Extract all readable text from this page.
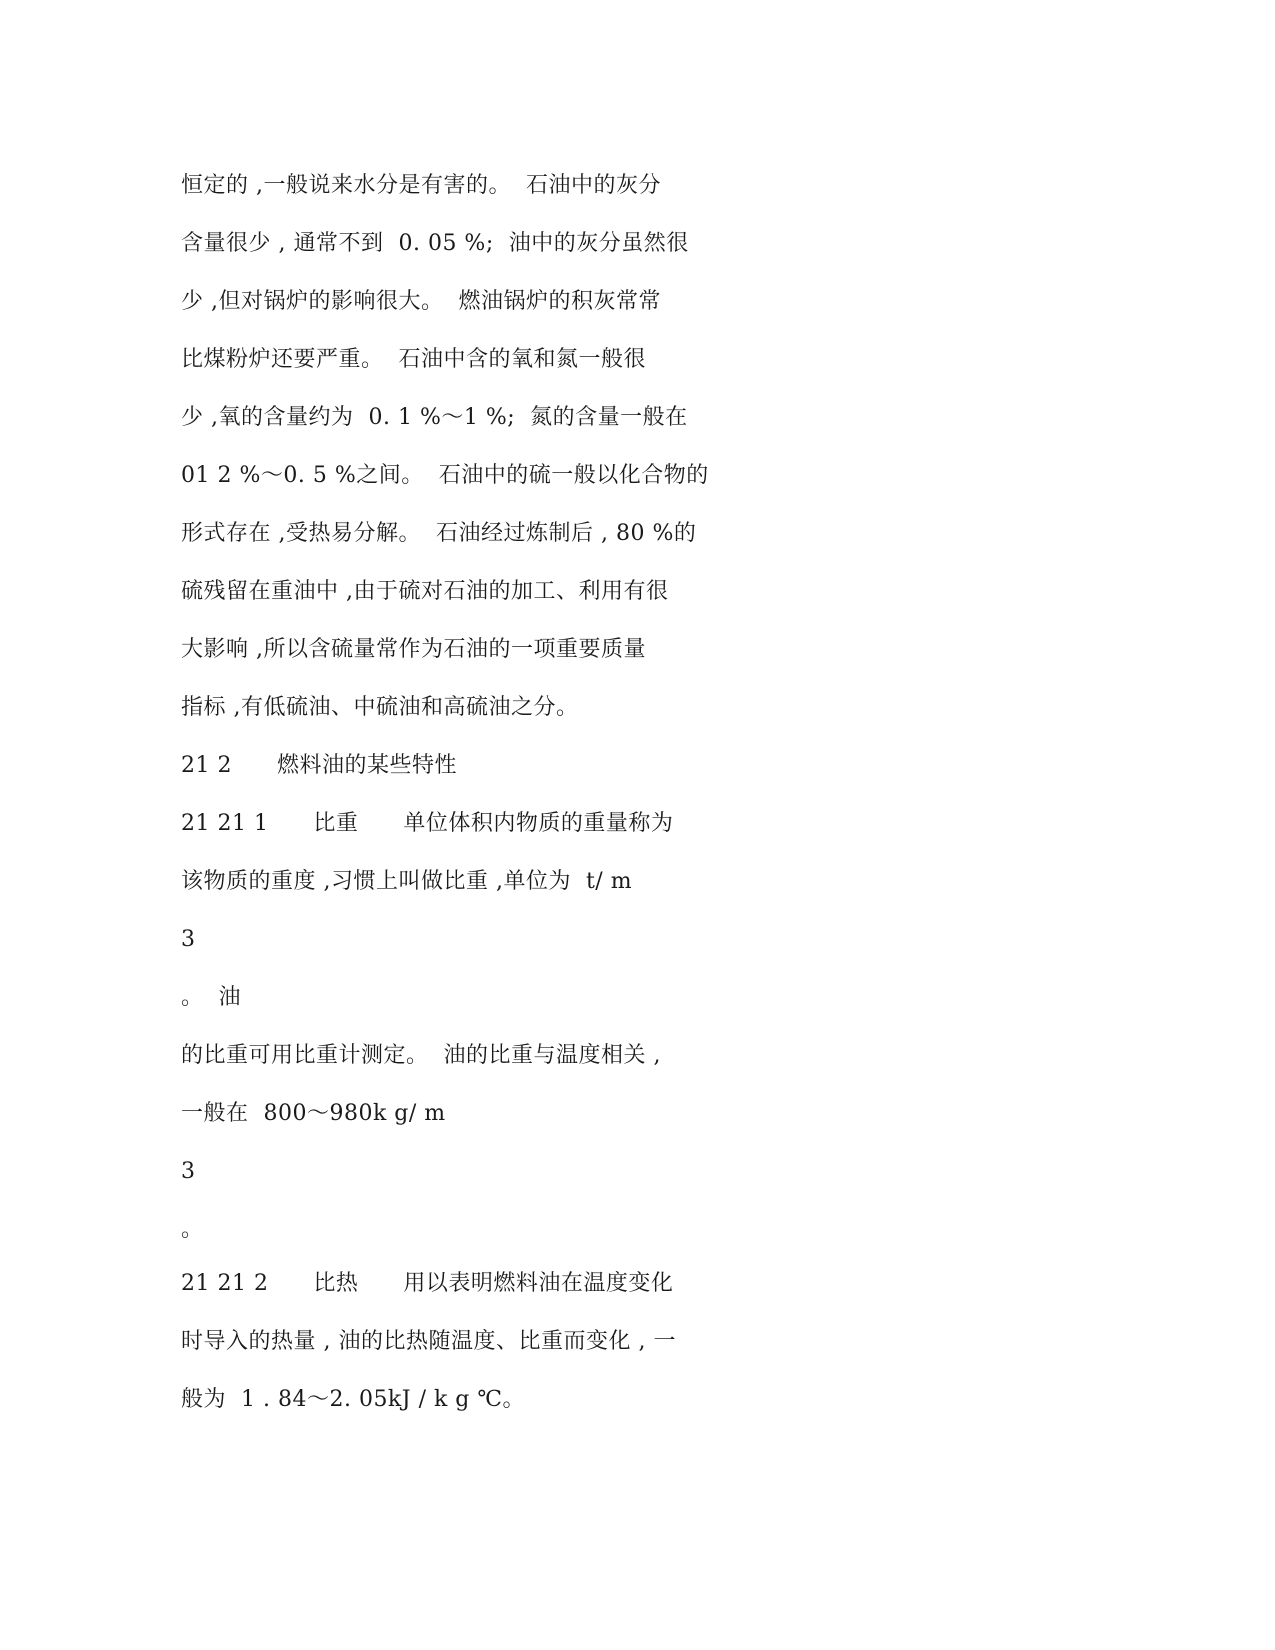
恒定的 ,一般说来水分是有害的。  石油中的灰分
含量很少 , 通常不到  0. 05 %;  油中的灰分虽然很
少 ,但对锅炉的影响很大。  燃油锅炉的积灰常常
比煤粉炉还要严重。  石油中含的氧和氮一般很
少 ,氧的含量约为  0. 1 %～1 %;  氮的含量一般在
01 2 %～0. 5 %之间。  石油中的硫一般以化合物的
形式存在 ,受热易分解。  石油经过炼制后 , 80 %的
硫残留在重油中 ,由于硫对石油的加工、利用有很
大影响 ,所以含硫量常作为石油的一项重要质量
指标 ,有低硫油、中硫油和高硫油之分。
21 2      燃料油的某些特性
21 21 1      比重      单位体积内物质的重量称为
该物质的重度 ,习惯上叫做比重 ,单位为  t/ m
3
。  油
的比重可用比重计测定。  油的比重与温度相关 ,
一般在  800～980k g/ m
3
。
21 21 2      比热      用以表明燃料油在温度变化
时导入的热量 , 油的比热随温度、比重而变化 , 一
般为  1 . 84～2. 05kJ / k g ℃。
